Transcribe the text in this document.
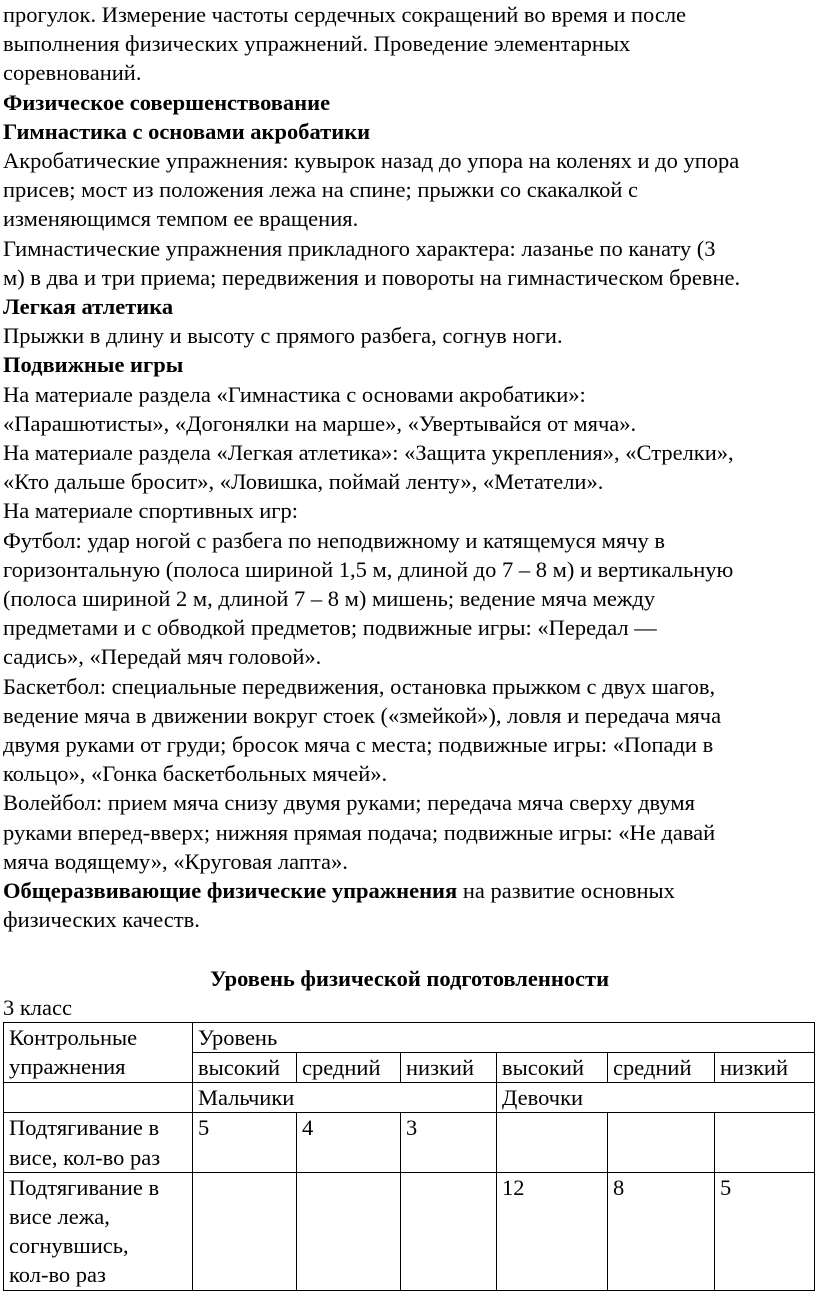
прогулок. Измерение частоты сердечных сокращений во время и после
выполнения физических упражнений. Проведение элементарных
соревнований.

Физическое совершенствование

Гимнастика с основами акробатики

Акробатические упражнения: кувырок назад до упора на коленях и до упора
присев; мост из положения лежа на спине; прыжки со скакалкой с
изменяющимся темпом ее вращения.

Гимнастические упражнения прикладного характера: лазанье по канату (3
м) в два и три приема; передвижения и повороты на гимнастическом бревне.

Легкая атлетика

Прыжки в длину и высоту с прямого разбега, согнув ноги.

Подвижные игры

На материале раздела «Гимнастика с основами акробатики»:
«Парашютисты», «Догонялки на марше», «Увертывайся от мяча».

На материале раздела «Легкая атлетика»: «Защита укрепления», «Стрелки»,
«Кто дальше бросит», «Ловишка, поймай ленту», «Метатели».

На материале спортивных игр:

Футбол: удар ногой с разбега по неподвижному и катящемуся мячу в
горизонтальную (полоса шириной 1,5 м, длиной до 7 – 8 м) и вертикальную
(полоса шириной 2 м, длиной 7 – 8 м) мишень; ведение мяча между
предметами и с обводкой предметов; подвижные игры: «Передал —
садись», «Передай мяч головой».

Баскетбол: специальные передвижения, остановка прыжком с двух шагов,
ведение мяча в движении вокруг стоек («змейкой»), ловля и передача мяча
двумя руками от груди; бросок мяча с места; подвижные игры: «Попади в
кольцо», «Гонка баскетбольных мячей».

Волейбол: прием мяча снизу двумя руками; передача мяча сверху двумя
руками вперед-вверх; нижняя прямая подача; подвижные игры: «Не давай
мяча водящему», «Круговая лапта».

Общеразвивающие физические упражнения на развитие основных
физических качеств.

Уровень физической подготовленности

3 класс

Контрольные
упражнения	Уровень					
	высокий	средний	низкий	высокий	средний	низкий
	Мальчики			Девочки		
Подтягивание в
висе, кол-во раз	5	4	3			
Подтягивание в
висе лежа,
согнувшись,
кол-во раз				12	8	5
